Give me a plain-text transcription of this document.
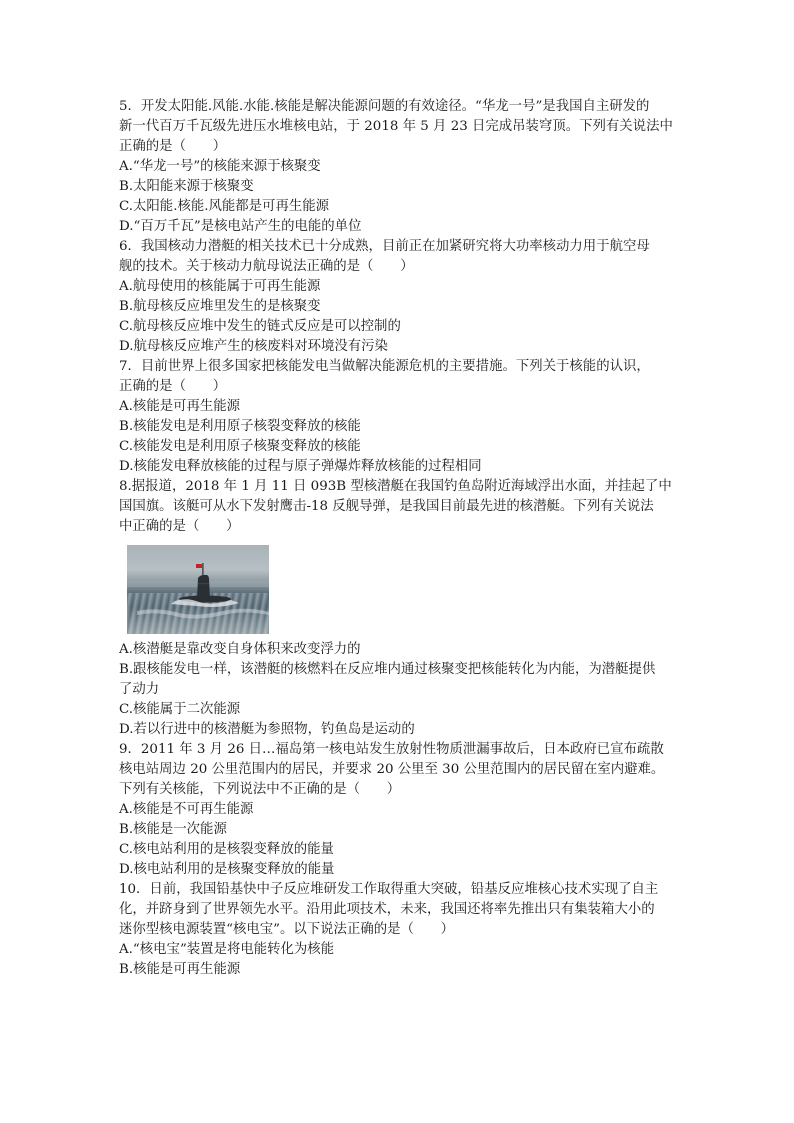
5．开发太阳能.风能.水能.核能是解决能源问题的有效途径。“华龙一号”是我国自主研发的
新一代百万千瓦级先进压水堆核电站，于 2018 年 5 月 23 日完成吊装穹顶。下列有关说法中
正确的是（　　）
A.“华龙一号”的核能来源于核聚变
B.太阳能来源于核聚变
C.太阳能.核能.风能都是可再生能源
D.“百万千瓦”是核电站产生的电能的单位
6．我国核动力潜艇的相关技术已十分成熟，目前正在加紧研究将大功率核动力用于航空母
舰的技术。关于核动力航母说法正确的是（　　）
A.航母使用的核能属于可再生能源
B.航母核反应堆里发生的是核聚变
C.航母核反应堆中发生的链式反应是可以控制的
D.航母核反应堆产生的核废料对环境没有污染
7．目前世界上很多国家把核能发电当做解决能源危机的主要措施。下列关于核能的认识，
正确的是（　　）
A.核能是可再生能源
B.核能发电是利用原子核裂变释放的核能
C.核能发电是利用原子核聚变释放的核能
D.核能发电释放核能的过程与原子弹爆炸释放核能的过程相同
8.据报道，2018 年 1 月 11 日 093B 型核潜艇在我国钓鱼岛附近海域浮出水面，并挂起了中
国国旗。该艇可从水下发射鹰击-18 反舰导弹，是我国目前最先进的核潜艇。下列有关说法
中正确的是（　　）
A.核潜艇是靠改变自身体积来改变浮力的
B.跟核能发电一样，该潜艇的核燃料在反应堆内通过核聚变把核能转化为内能，为潜艇提供
了动力
C.核能属于二次能源
D.若以行进中的核潜艇为参照物，钓鱼岛是运动的
9．2011 年 3 月 26 日…福岛第一核电站发生放射性物质泄漏事故后，日本政府已宣布疏散
核电站周边 20 公里范围内的居民，并要求 20 公里至 30 公里范围内的居民留在室内避难。
下列有关核能，下列说法中不正确的是（　　）
A.核能是不可再生能源
B.核能是一次能源
C.核电站利用的是核裂变释放的能量
D.核电站利用的是核聚变释放的能量
10．日前，我国铅基快中子反应堆研发工作取得重大突破，铅基反应堆核心技术实现了自主
化，并跻身到了世界领先水平。沿用此项技术，未来，我国还将率先推出只有集装箱大小的
迷你型核电源装置“核电宝”。以下说法正确的是（　　）
A.“核电宝”装置是将电能转化为核能
B.核能是可再生能源
